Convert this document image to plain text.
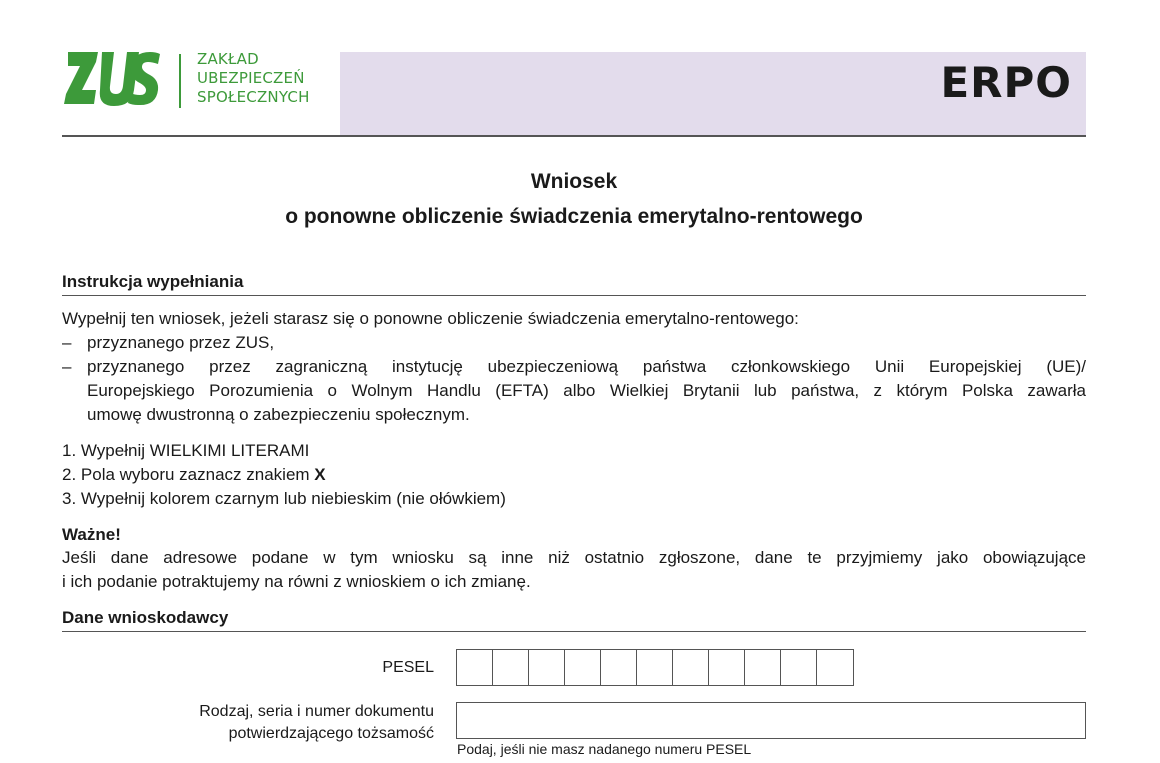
ZAKŁAD
UBEZPIECZEŃ
SPOŁECZNYCH	ERPO
Wniosek
o ponowne obliczenie świadczenia emerytalno-rentowego
Instrukcja wypełniania
Wypełnij ten wniosek, jeżeli starasz się o ponowne obliczenie świadczenia emerytalno-rentowego:
– przyznanego przez ZUS,
– przyznanego przez zagraniczną instytucję ubezpieczeniową państwa członkowskiego Unii Europejskiej (UE)/
Europejskiego Porozumienia o Wolnym Handlu (EFTA) albo Wielkiej Brytanii lub państwa, z którym Polska zawarła
umowę dwustronną o zabezpieczeniu społecznym.
1. Wypełnij WIELKIMI LITERAMI
2. Pola wyboru zaznacz znakiem X
3. Wypełnij kolorem czarnym lub niebieskim (nie ołówkiem)
Ważne!
Jeśli dane adresowe podane w tym wniosku są inne niż ostatnio zgłoszone, dane te przyjmiemy jako obowiązujące
i ich podanie potraktujemy na równi z wnioskiem o ich zmianę.
Dane wnioskodawcy
PESEL
Rodzaj, seria i numer dokumentu
potwierdzającego tożsamość
Podaj, jeśli nie masz nadanego numeru PESEL
